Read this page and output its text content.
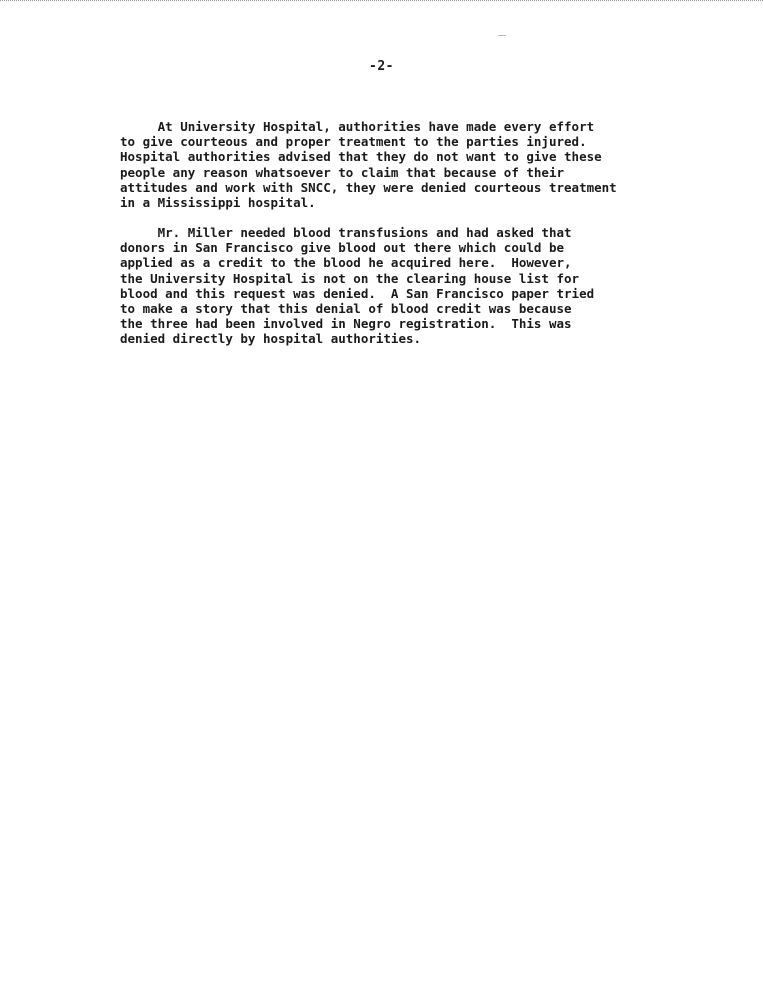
-2-

At University Hospital, authorities have made every effort
to give courteous and proper treatment to the parties injured.
Hospital authorities advised that they do not want to give these
people any reason whatsoever to claim that because of their
attitudes and work with SNCC, they were denied courteous treatment
in a Mississippi hospital.

Mr. Miller needed blood transfusions and had asked that
donors in San Francisco give blood out there which could be
applied as a credit to the blood he acquired here.  However,
the University Hospital is not on the clearing house list for
blood and this request was denied.  A San Francisco paper tried
to make a story that this denial of blood credit was because
the three had been involved in Negro registration.  This was
denied directly by hospital authorities.
